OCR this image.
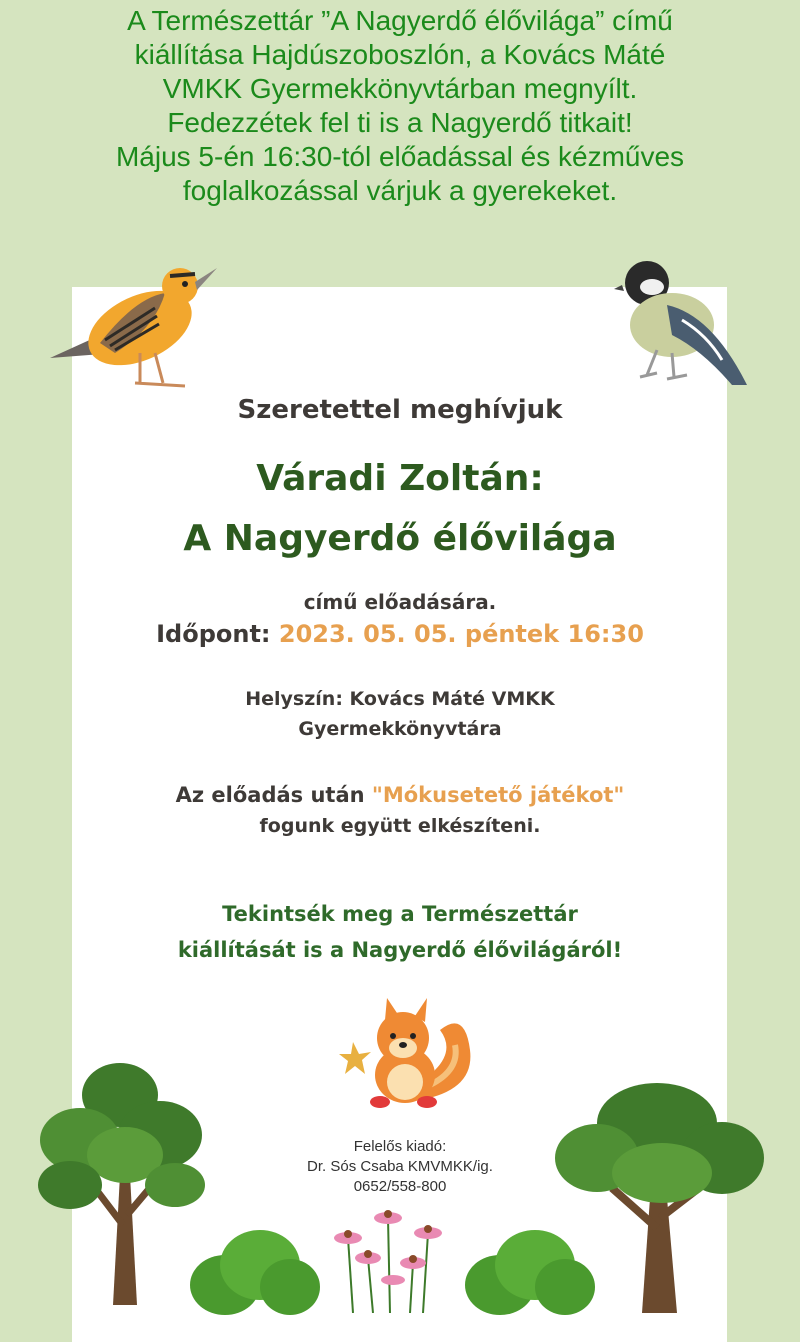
A Természettár ”A Nagyerdő élővilága” című
kiállítása Hajdúszoboszlón, a Kovács Máté
VMKK Gyermekkönyvtárban megnyílt.
Fedezzétek fel ti is a Nagyerdő titkait!
Május 5-én 16:30-tól előadással és kézműves
foglalkozással várjuk a gyerekeket.
Szeretettel meghívjuk
Váradi Zoltán:
A Nagyerdő élővilága
című előadására.
Időpont: 2023. 05. 05. péntek 16:30
Helyszín: Kovács Máté VMKK
Gyermekkönyvtára
Az előadás után "Mókusetető játékot"
fogunk együtt elkészíteni.
Tekintsék meg a Természettár
kiállítását is a Nagyerdő élővilágáról!
Felelős kiadó:
Dr. Sós Csaba KMVMKK/ig.
0652/558-800
